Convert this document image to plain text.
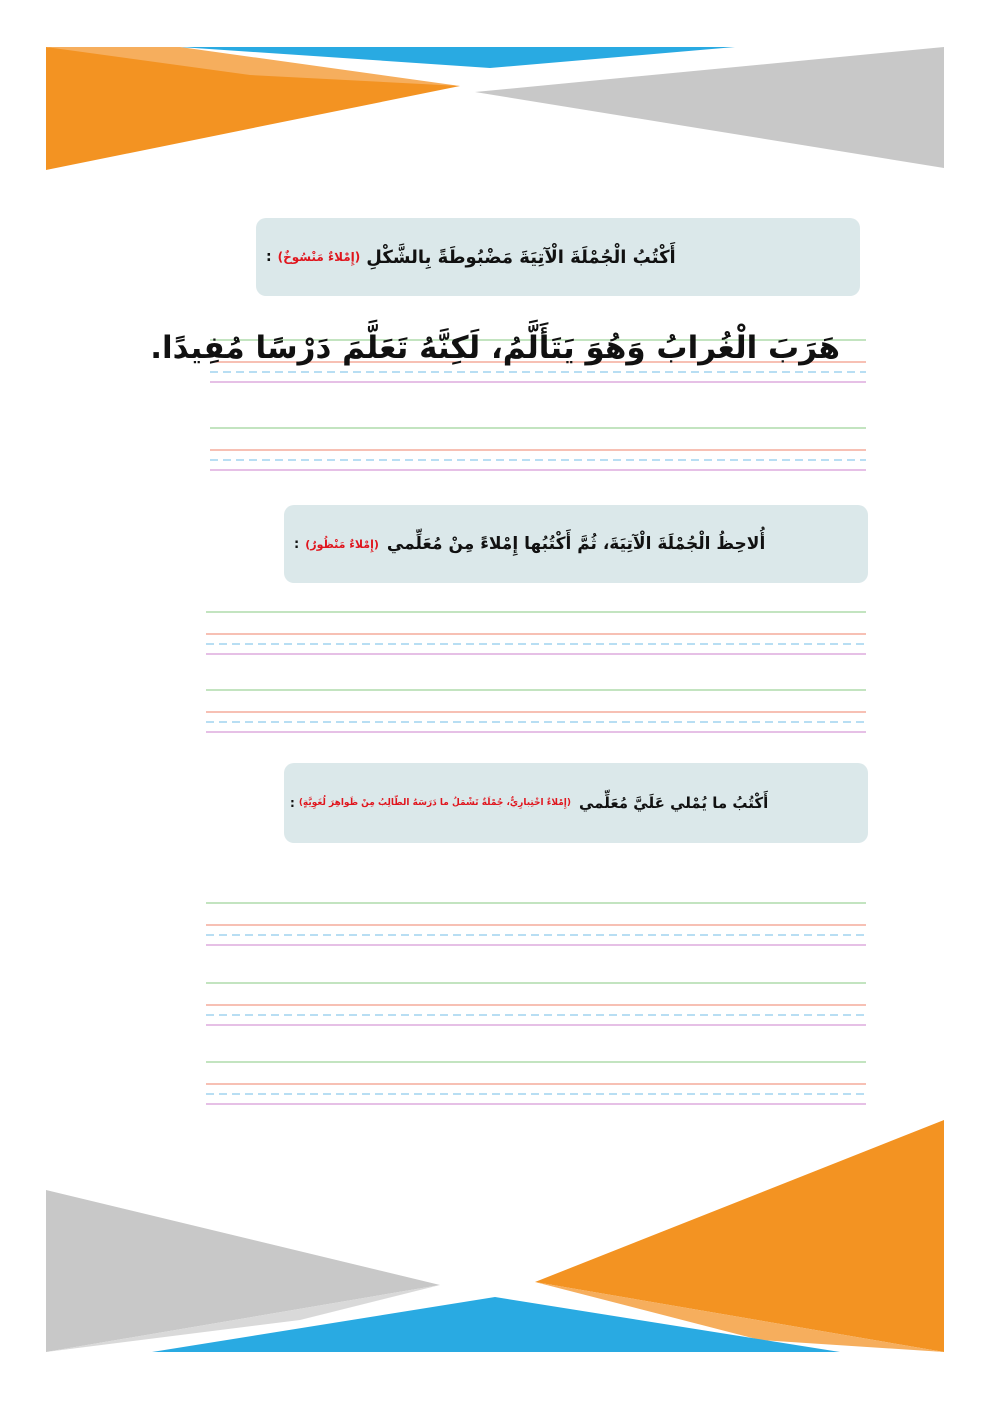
أَكْتُبُ الْجُمْلَةَ الْآتِيَةَ مَضْبُوطَةً بِالشَّكْلِ
(إِمْلاءٌ مَنْسُوخٌ)
:
هَرَبَ الْغُرابُ وَهُوَ يَتَأَلَّمُ، لَكِنَّهُ تَعَلَّمَ دَرْسًا مُفِيدًا.
أُلاحِظُ الْجُمْلَةَ الْآتِيَةَ، ثُمَّ أَكْتُبُها إِمْلاءً مِنْ مُعَلِّمي
(إِمْلاءٌ مَنْظُورٌ)
:
أَكْتُبُ ما يُمْلي عَلَيَّ مُعَلِّمي
(إِمْلاءٌ اخْتِبارِيٌّ، جُمْلَةٌ تَشْمَلُ ما دَرَسَهُ الطّالِبُ مِنْ ظَواهِرَ لُغَوِيَّةٍ)
:
